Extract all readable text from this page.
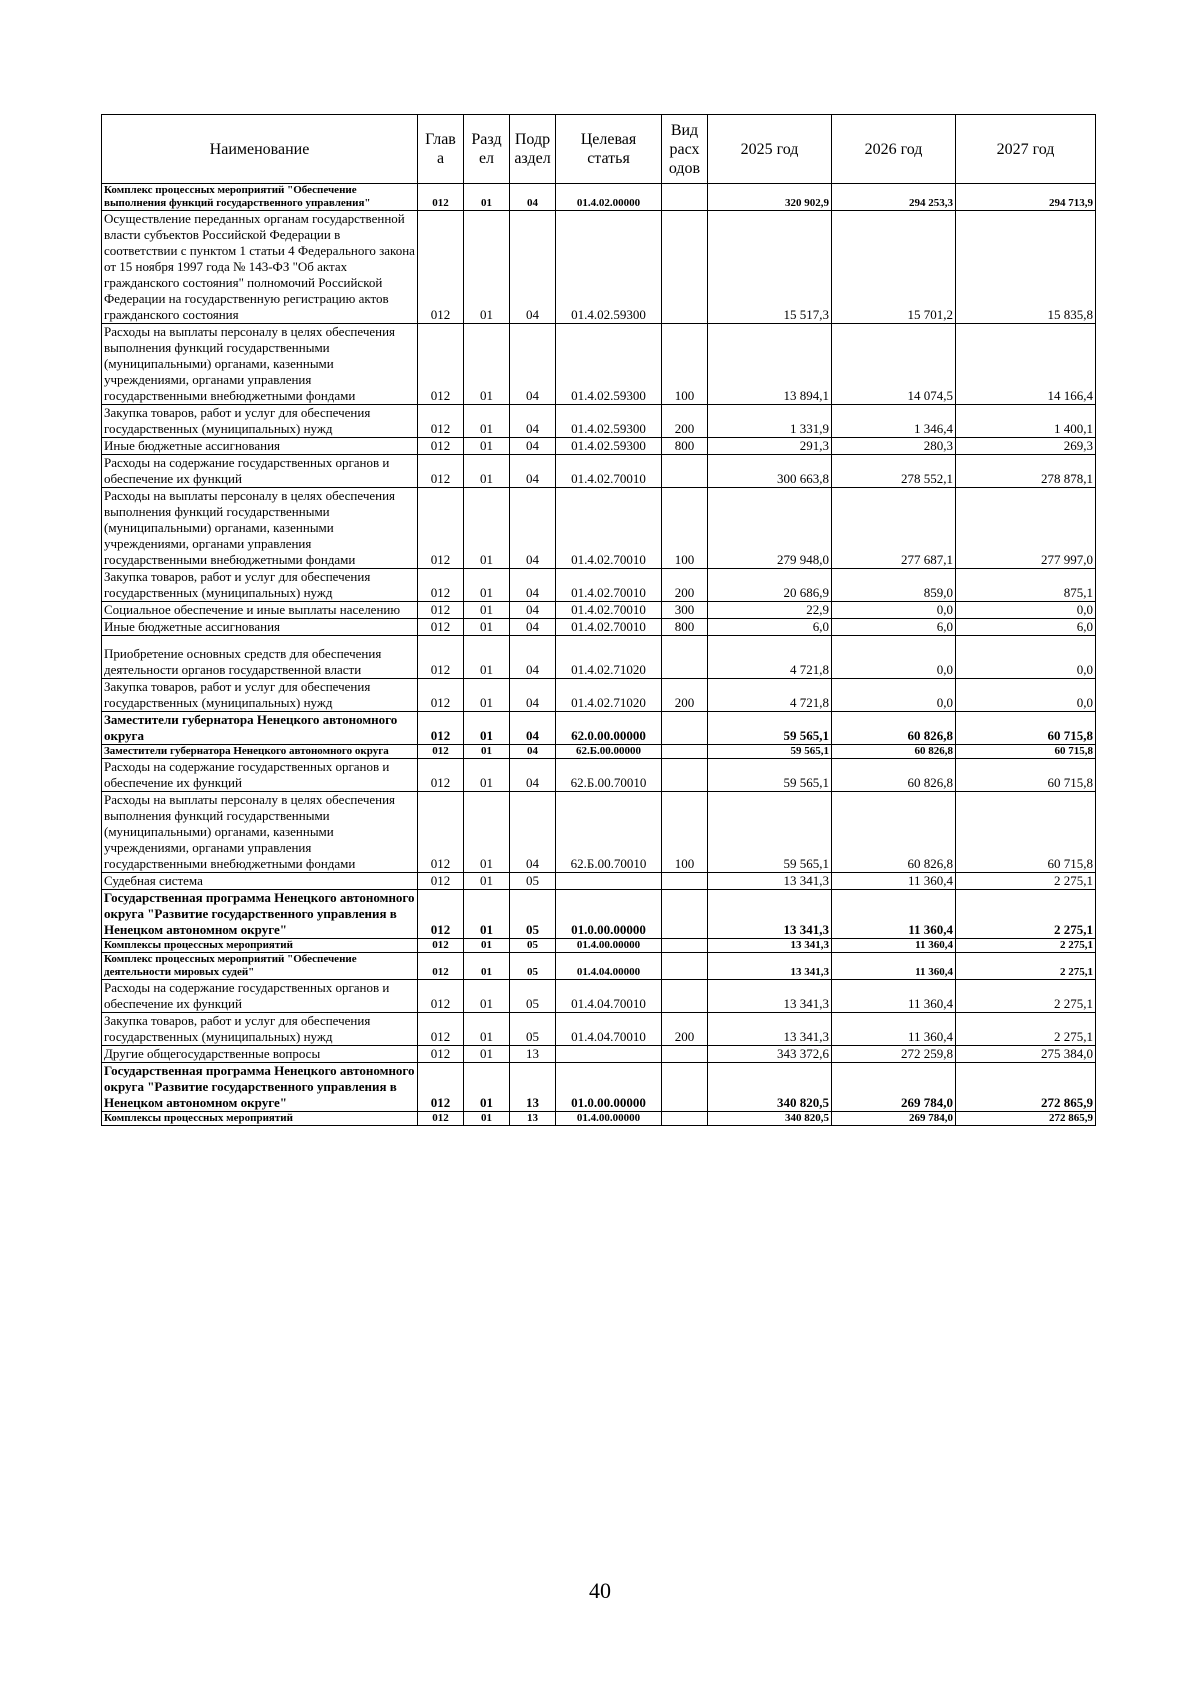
Наименование	Глав а	Разд ел	Подр аздел	Целевая статья	Вид расх одов	2025 год	2026 год	2027 год
Комплекс процессных мероприятий "Обеспечение выполнения функций государственного управления"	012	01	04	01.4.02.00000		320 902,9	294 253,3	294 713,9
Осуществление переданных органам государственной власти субъектов Российской Федерации в соответствии с пунктом 1 статьи 4 Федерального закона от 15 ноября 1997 года № 143-ФЗ "Об актах гражданского состояния" полномочий Российской Федерации на государственную регистрацию актов гражданского состояния	012	01	04	01.4.02.59300		15 517,3	15 701,2	15 835,8
Расходы на выплаты персоналу в целях обеспечения выполнения функций государственными (муниципальными) органами, казенными учреждениями, органами управления государственными внебюджетными фондами	012	01	04	01.4.02.59300	100	13 894,1	14 074,5	14 166,4
Закупка товаров, работ и услуг для обеспечения государственных (муниципальных) нужд	012	01	04	01.4.02.59300	200	1 331,9	1 346,4	1 400,1
Иные бюджетные ассигнования	012	01	04	01.4.02.59300	800	291,3	280,3	269,3
Расходы на содержание государственных органов и обеспечение их функций	012	01	04	01.4.02.70010		300 663,8	278 552,1	278 878,1
Расходы на выплаты персоналу в целях обеспечения выполнения функций государственными (муниципальными) органами, казенными учреждениями, органами управления государственными внебюджетными фондами	012	01	04	01.4.02.70010	100	279 948,0	277 687,1	277 997,0
Закупка товаров, работ и услуг для обеспечения государственных (муниципальных) нужд	012	01	04	01.4.02.70010	200	20 686,9	859,0	875,1
Социальное обеспечение и иные выплаты населению	012	01	04	01.4.02.70010	300	22,9	0,0	0,0
Иные бюджетные ассигнования	012	01	04	01.4.02.70010	800	6,0	6,0	6,0
Приобретение основных средств для обеспечения деятельности органов государственной власти	012	01	04	01.4.02.71020		4 721,8	0,0	0,0
Закупка товаров, работ и услуг для обеспечения государственных (муниципальных) нужд	012	01	04	01.4.02.71020	200	4 721,8	0,0	0,0
Заместители губернатора Ненецкого автономного округа	012	01	04	62.0.00.00000		59 565,1	60 826,8	60 715,8
Заместители губернатора Ненецкого автономного округа	012	01	04	62.Б.00.00000		59 565,1	60 826,8	60 715,8
Расходы на содержание государственных органов и обеспечение их функций	012	01	04	62.Б.00.70010		59 565,1	60 826,8	60 715,8
Расходы на выплаты персоналу в целях обеспечения выполнения функций государственными (муниципальными) органами, казенными учреждениями, органами управления государственными внебюджетными фондами	012	01	04	62.Б.00.70010	100	59 565,1	60 826,8	60 715,8
Судебная система	012	01	05			13 341,3	11 360,4	2 275,1
Государственная программа Ненецкого автономного округа "Развитие государственного управления в Ненецком автономном округе"	012	01	05	01.0.00.00000		13 341,3	11 360,4	2 275,1
Комплексы процессных мероприятий	012	01	05	01.4.00.00000		13 341,3	11 360,4	2 275,1
Комплекс процессных мероприятий "Обеспечение деятельности мировых судей"	012	01	05	01.4.04.00000		13 341,3	11 360,4	2 275,1
Расходы на содержание государственных органов и обеспечение их функций	012	01	05	01.4.04.70010		13 341,3	11 360,4	2 275,1
Закупка товаров, работ и услуг для обеспечения государственных (муниципальных) нужд	012	01	05	01.4.04.70010	200	13 341,3	11 360,4	2 275,1
Другие общегосударственные вопросы	012	01	13			343 372,6	272 259,8	275 384,0
Государственная программа Ненецкого автономного округа "Развитие государственного управления в Ненецком автономном округе"	012	01	13	01.0.00.00000		340 820,5	269 784,0	272 865,9
Комплексы процессных мероприятий	012	01	13	01.4.00.00000		340 820,5	269 784,0	272 865,9
40
